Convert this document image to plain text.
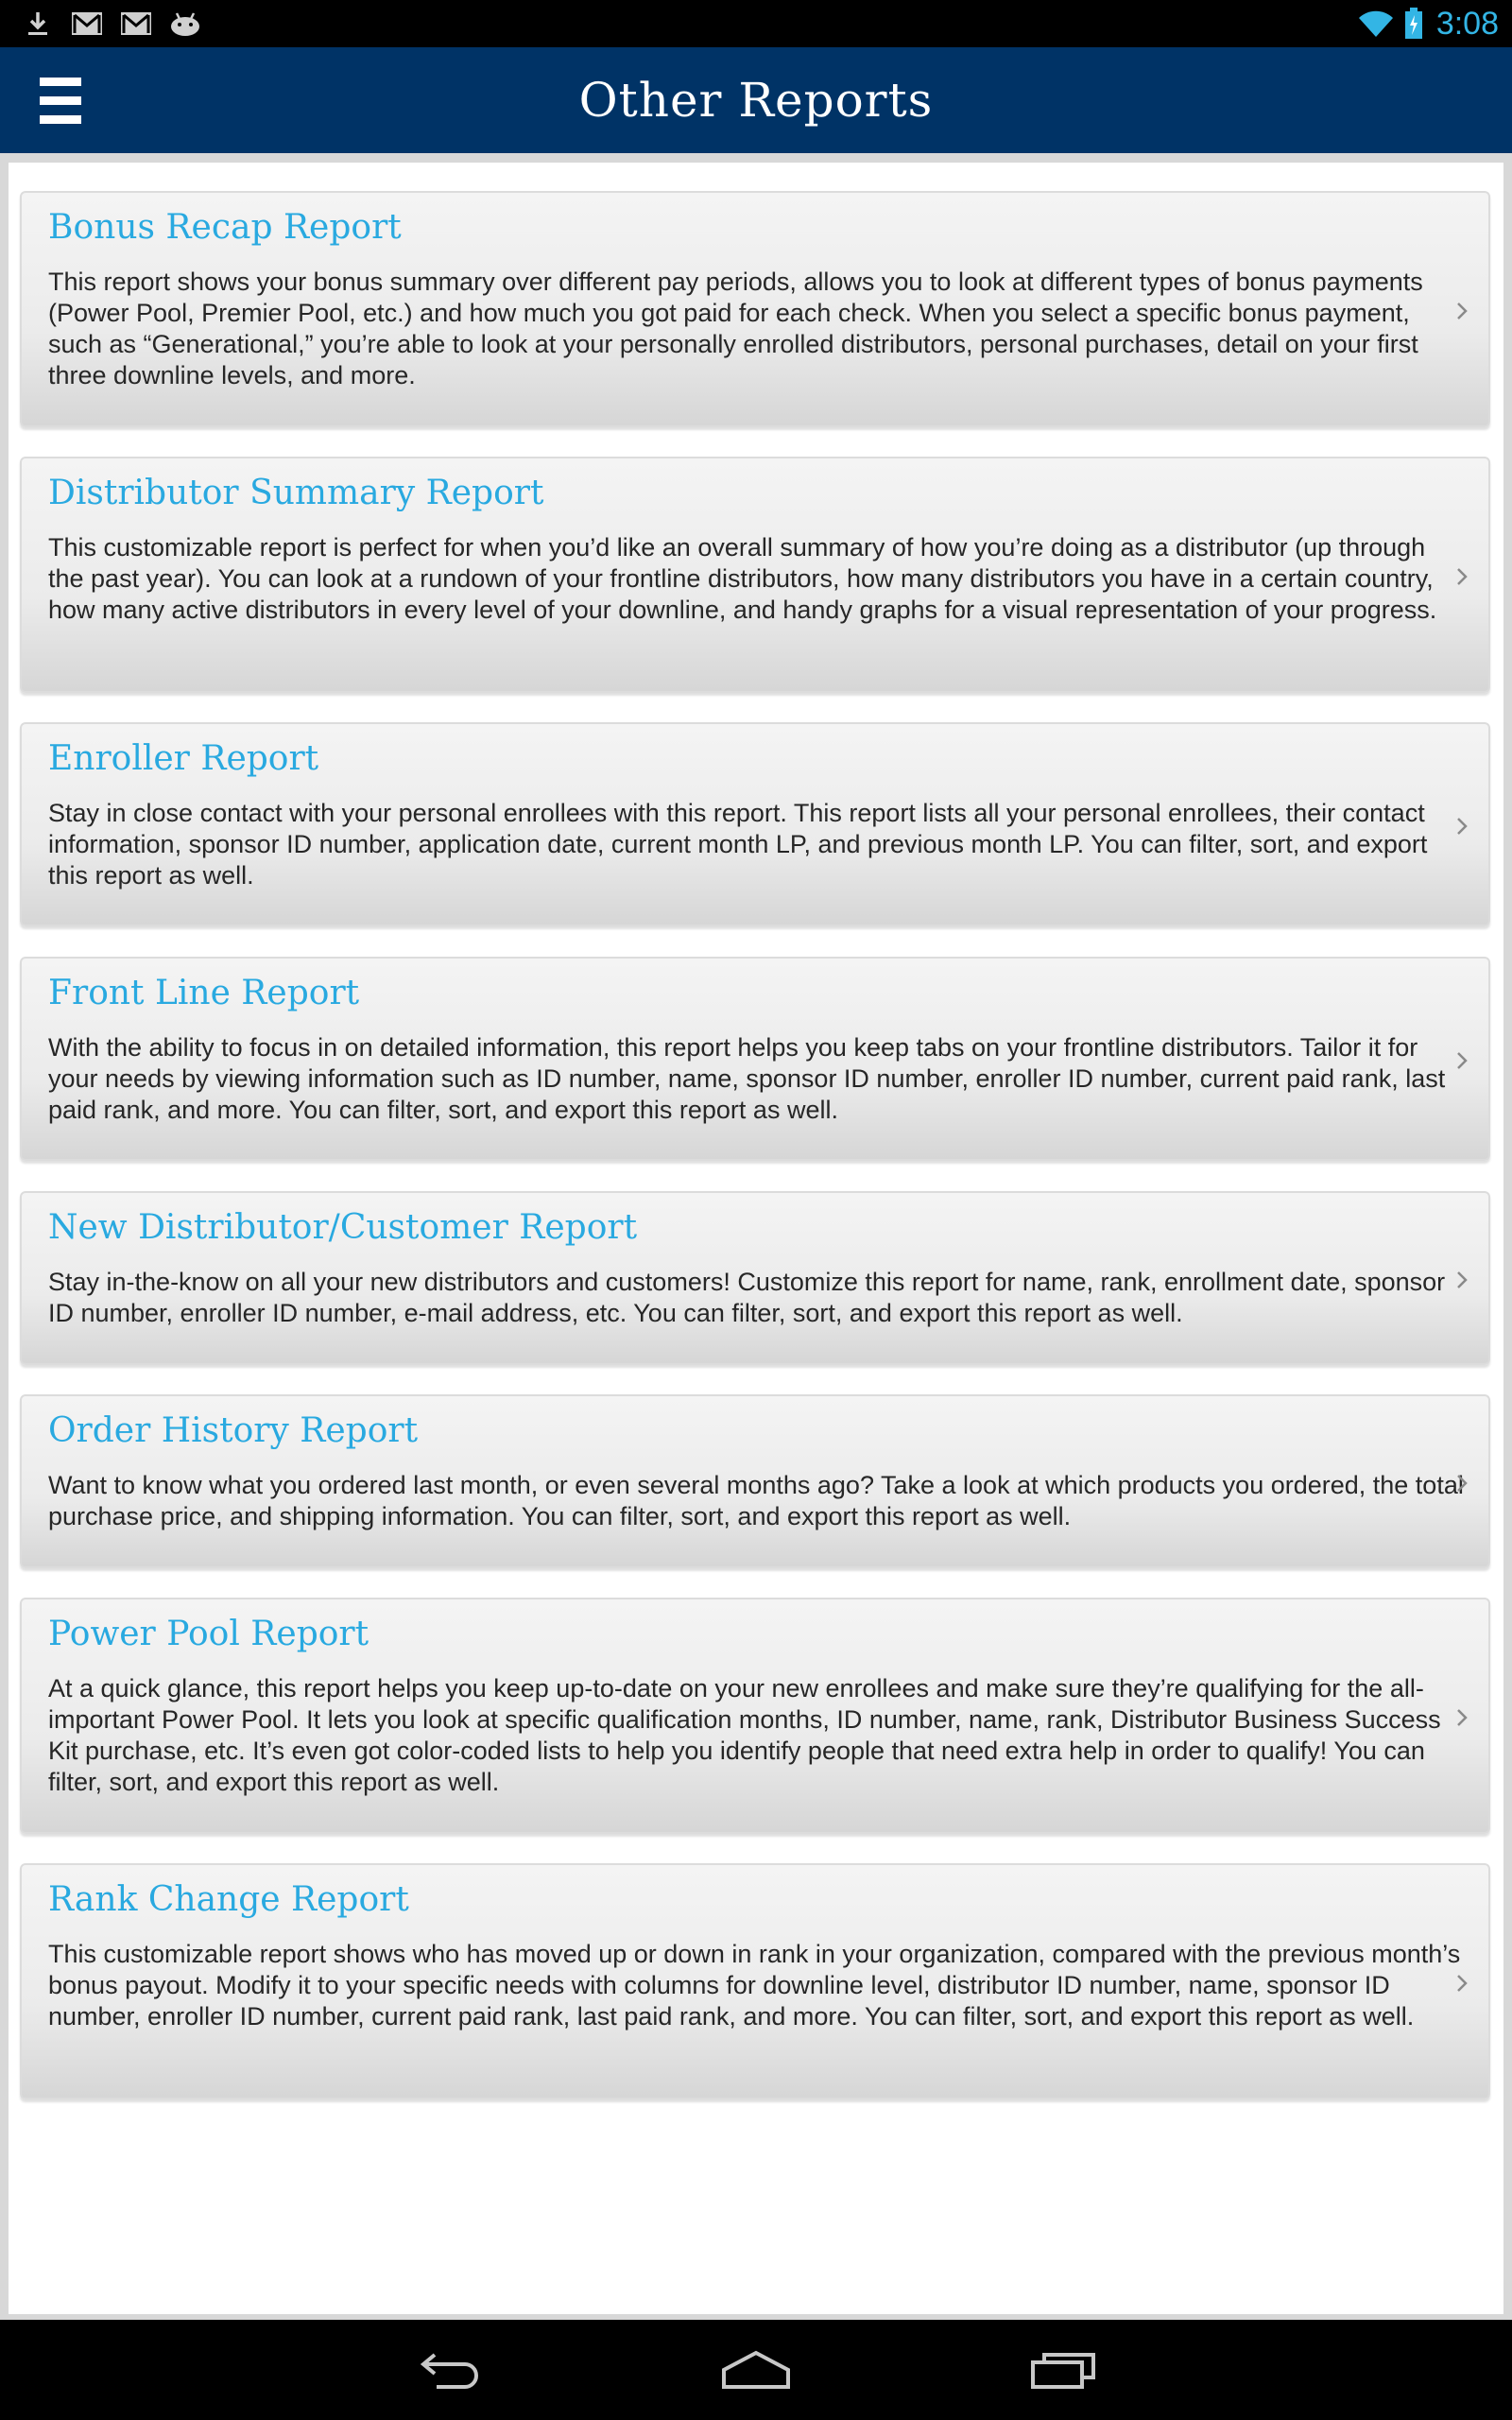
3:08
Other Reports
Bonus Recap Report
This report shows your bonus summary over different pay periods, allows you to look at different types of bonus payments (Power Pool, Premier Pool, etc.) and how much you got paid for each check. When you select a specific bonus payment, such as “Generational,” you’re able to look at your personally enrolled distributors, personal purchases, detail on your first three downline levels, and more.
Distributor Summary Report
This customizable report is perfect for when you’d like an overall summary of how you’re doing as a distributor (up through the past year). You can look at a rundown of your frontline distributors, how many distributors you have in a certain country, how many active distributors in every level of your downline, and handy graphs for a visual representation of your progress.
Enroller Report
Stay in close contact with your personal enrollees with this report. This report lists all your personal enrollees, their contact information, sponsor ID number, application date, current month LP, and previous month LP. You can filter, sort, and export this report as well.
Front Line Report
With the ability to focus in on detailed information, this report helps you keep tabs on your frontline distributors. Tailor it for your needs by viewing information such as ID number, name, sponsor ID number, enroller ID number, current paid rank, last paid rank, and more. You can filter, sort, and export this report as well.
New Distributor/Customer Report
Stay in-the-know on all your new distributors and customers! Customize this report for name, rank, enrollment date, sponsor ID number, enroller ID number, e-mail address, etc. You can filter, sort, and export this report as well.
Order History Report
Want to know what you ordered last month, or even several months ago? Take a look at which products you ordered, the total purchase price, and shipping information. You can filter, sort, and export this report as well.
Power Pool Report
At a quick glance, this report helps you keep up-to-date on your new enrollees and make sure they’re qualifying for the all-important Power Pool. It lets you look at specific qualification months, ID number, name, rank, Distributor Business Success Kit purchase, etc. It’s even got color-coded lists to help you identify people that need extra help in order to qualify! You can filter, sort, and export this report as well.
Rank Change Report
This customizable report shows who has moved up or down in rank in your organization, compared with the previous month’s bonus payout. Modify it to your specific needs with columns for downline level, distributor ID number, name, sponsor ID number, enroller ID number, current paid rank, last paid rank, and more. You can filter, sort, and export this report as well.
